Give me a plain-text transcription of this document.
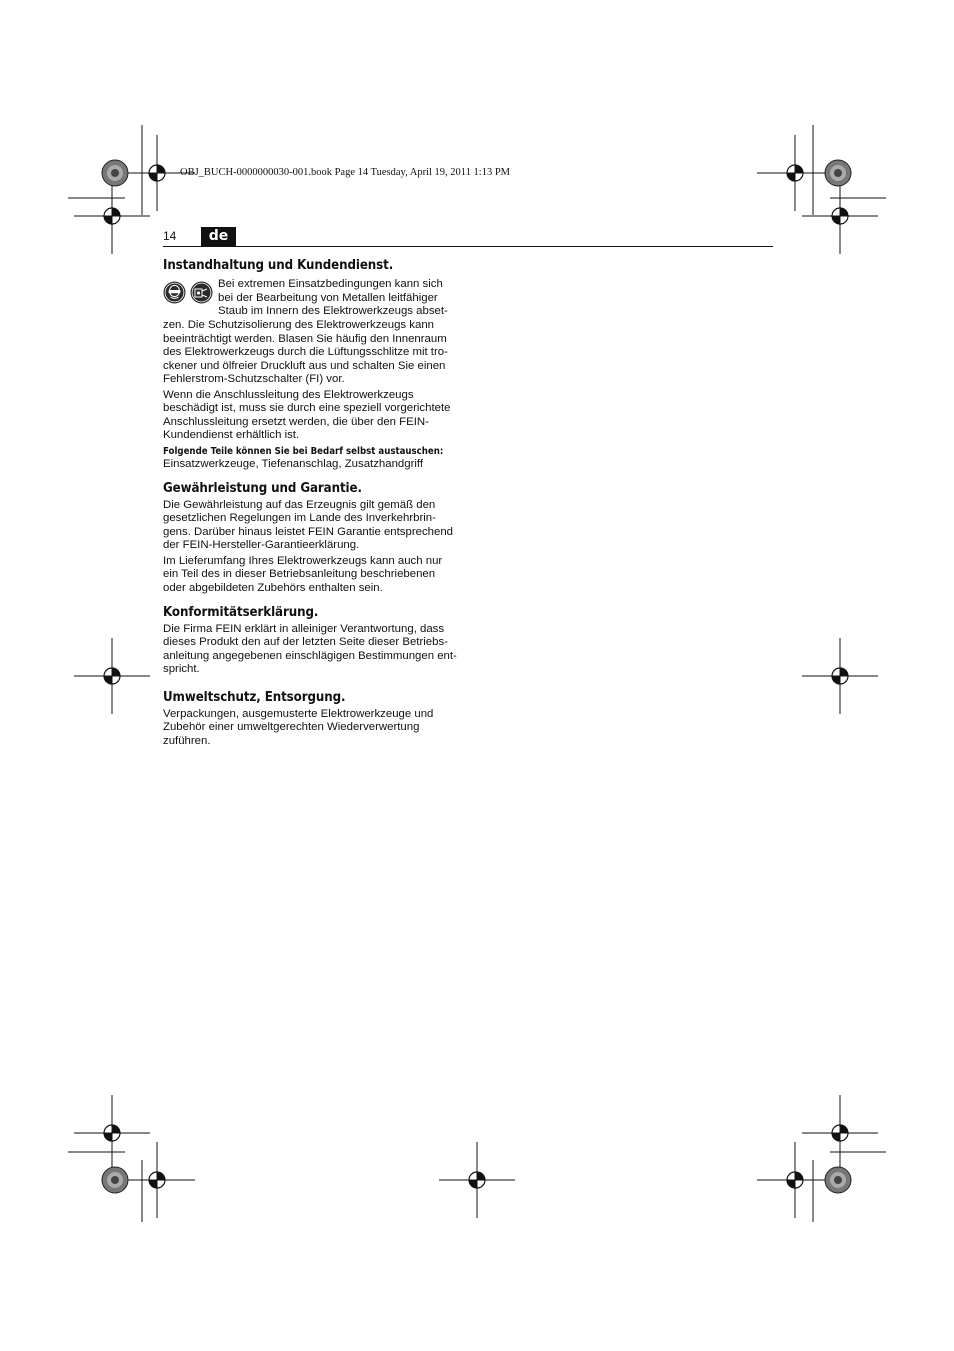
OBJ_BUCH-0000000030-001.book Page 14 Tuesday, April 19, 2011 1:13 PM
14	de
Instandhaltung und Kundendienst.

Bei extremen Einsatzbedingungen kann sich
bei der Bearbeitung von Metallen leitfähiger
Staub im Innern des Elektrowerkzeugs abset-

zen. Die Schutzisolierung des Elektrowerkzeugs kann
beeinträchtigt werden. Blasen Sie häufig den Innenraum
des Elektrowerkzeugs durch die Lüftungsschlitze mit tro-
ckener und ölfreier Druckluft aus und schalten Sie einen
Fehlerstrom-Schutzschalter (FI) vor.

Wenn die Anschlussleitung des Elektrowerkzeugs
beschädigt ist, muss sie durch eine speziell vorgerichtete
Anschlussleitung ersetzt werden, die über den FEIN-
Kundendienst erhältlich ist.

Folgende Teile können Sie bei Bedarf selbst austauschen:

Einsatzwerkzeuge, Tiefenanschlag, Zusatzhandgriff

Gewährleistung und Garantie.

Die Gewährleistung auf das Erzeugnis gilt gemäß den
gesetzlichen Regelungen im Lande des Inverkehrbrin-
gens. Darüber hinaus leistet FEIN Garantie entsprechend
der FEIN-Hersteller-Garantieerklärung.

Im Lieferumfang Ihres Elektrowerkzeugs kann auch nur
ein Teil des in dieser Betriebsanleitung beschriebenen
oder abgebildeten Zubehörs enthalten sein.

Konformitätserklärung.

Die Firma FEIN erklärt in alleiniger Verantwortung, dass
dieses Produkt den auf der letzten Seite dieser Betriebs-
anleitung angegebenen einschlägigen Bestimmungen ent-
spricht.

Umweltschutz, Entsorgung.

Verpackungen, ausgemusterte Elektrowerkzeuge und
Zubehör einer umweltgerechten Wiederverwertung
zuführen.
